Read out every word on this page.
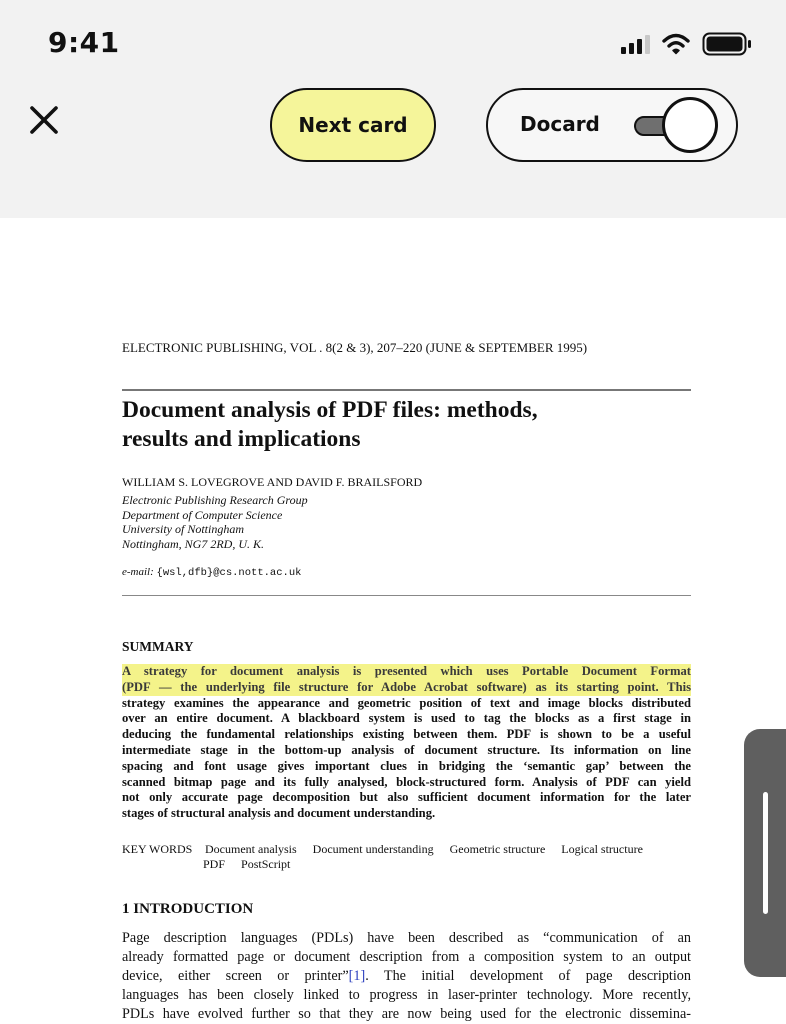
9:41
Next card	Docard
ELECTRONIC PUBLISHING, VOL . 8(2 & 3), 207–220 (JUNE & SEPTEMBER 1995)
Document analysis of PDF files: methods,
results and implications
WILLIAM S. LOVEGROVE AND DAVID F. BRAILSFORD
Electronic Publishing Research Group
Department of Computer Science
University of Nottingham
Nottingham, NG7 2RD, U. K.
e-mail: {wsl,dfb}@cs.nott.ac.uk
SUMMARY
A strategy for document analysis is presented which uses Portable Document Format
(PDF — the underlying file structure for Adobe Acrobat software) as its starting point. This
strategy examines the appearance and geometric position of text and image blocks distributed
over an entire document. A blackboard system is used to tag the blocks as a first stage in
deducing the fundamental relationships existing between them. PDF is shown to be a useful
intermediate stage in the bottom-up analysis of document structure. Its information on line
spacing and font usage gives important clues in bridging the ‘semantic gap’ between the
scanned bitmap page and its fully analysed, block-structured form. Analysis of PDF can yield
not only accurate page decomposition but also sufficient document information for the later
stages of structural analysis and document understanding.
KEY WORDS Document analysis Document understanding Geometric structure Logical structure
PDF PostScript
1 INTRODUCTION
Page description languages (PDLs) have been described as “communication of an
already formatted page or document description from a composition system to an output
device, either screen or printer”[1]. The initial development of page description
languages has been closely linked to progress in laser-printer technology. More recently,
PDLs have evolved further so that they are now being used for the electronic dissemina-
